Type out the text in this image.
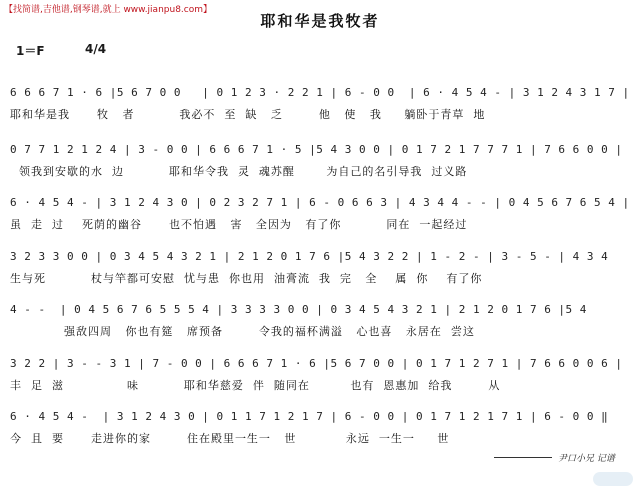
【找简谱,吉他谱,钢琴谱,就上 www.jianpu8.com】
耶和华是我牧者
1＝F	4/4
6 6 6 7 1 · 6 |5 6 7 0 0   | 0 1 2 3 · 2 2 1 | 6 - 0 0  | 6 · 4 5 4 - | 3 1 2 4 3 1 7 |
耶和华是我      牧   者          我必不  至  缺   乏        他   使   我     躺卧于青草  地
0 7 7 1 2 1 2 4 | 3 - 0 0 | 6 6 6 7 1 · 5 |5 4 3 0 0 | 0 1 7 2 1 7 7 7 1 | 7 6 6 0 0 |
领我到安歇的水  边          耶和华令我  灵  魂苏醒       为自己的名引导我  过义路
6 · 4 5 4 - | 3 1 2 4 3 0 | 0 2 3 2 7 1 | 6 - 0 6 6 3 | 4 3 4 4 - - | 0 4 5 6 7 6 5 4 |
虽  走  过    死荫的幽谷      也不怕遇   害   全因为   有了你          同在  一起经过
3 2 3 3 0 0 | 0 3 4 5 4 3 2 1 | 2 1 2 0 1 7 6 |5 4 3 2 2 | 1 - 2 - | 3 - 5 - | 4 3 4
生与死          杖与竿都可安慰  忧与患  你也用  油膏流  我  完   全    属  你    有了你
4 - -  | 0 4 5 6 7 6 5 5 5 4 | 3 3 3 3 0 0 | 0 3 4 5 4 3 2 1 | 2 1 2 0 1 7 6 |5 4
强敌四周   你也有筵   席预备        令我的福杯满溢   心也喜   永居在  尝这
3 2 2 | 3 - - 3 1 | 7 - 0 0 | 6 6 6 7 1 · 6 |5 6 7 0 0 | 0 1 7 1 2 7 1 | 7 6 6 0 0 6 |
丰  足  滋              味          耶和华慈爱  伴  随同在         也有  恩惠加  给我        从
6 · 4 5 4 -  | 3 1 2 4 3 0 | 0 1 1 7 1 2 1 7 | 6 - 0 0 | 0 1 7 1 2 1 7 1 | 6 - 0 0 ‖
今  且  要      走进你的家        住在殿里一生一   世           永远  一生一     世
尹口小兄 记谱
